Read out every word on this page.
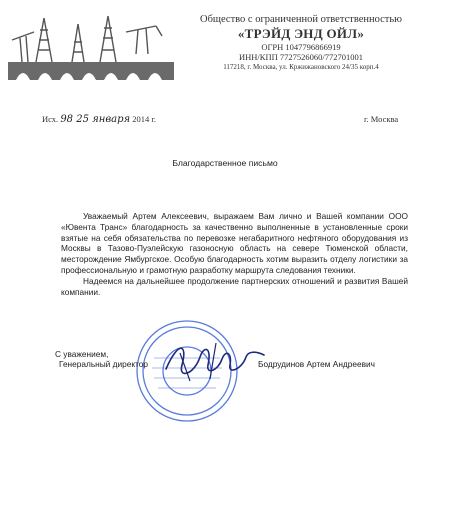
Общество с ограниченной ответственностью
«ТРЭЙД ЭНД ОЙЛ»
ОГРН 1047796866919
ИНН/КПП 7727526060/772701001
117218, г. Москва, ул. Кржижановского 24/35 корп.4
Исх. 98 25 января 2014 г.	г. Москва
Благодарственное письмо

Уважаемый Артем Алексеевич, выражаем Вам лично и Вашей компании ООО «Ювента Транс» благодарность за качественно выполненные в установленные сроки взятые на себя обязательства по перевозке негабаритного нефтяного оборудования из Москвы в Тазово-Пуэлейскую газоносную область на севере Тюменской области, месторождение Ямбургское. Особую благодарность хотим выразить отделу логистики за профессиональную и грамотную разработку маршрута следования техники.

Надеемся на дальнейшее продолжение партнерских отношений и развития Вашей компании.

С уважением,
Генеральный директор	Бодрудинов Артем Андреевич
